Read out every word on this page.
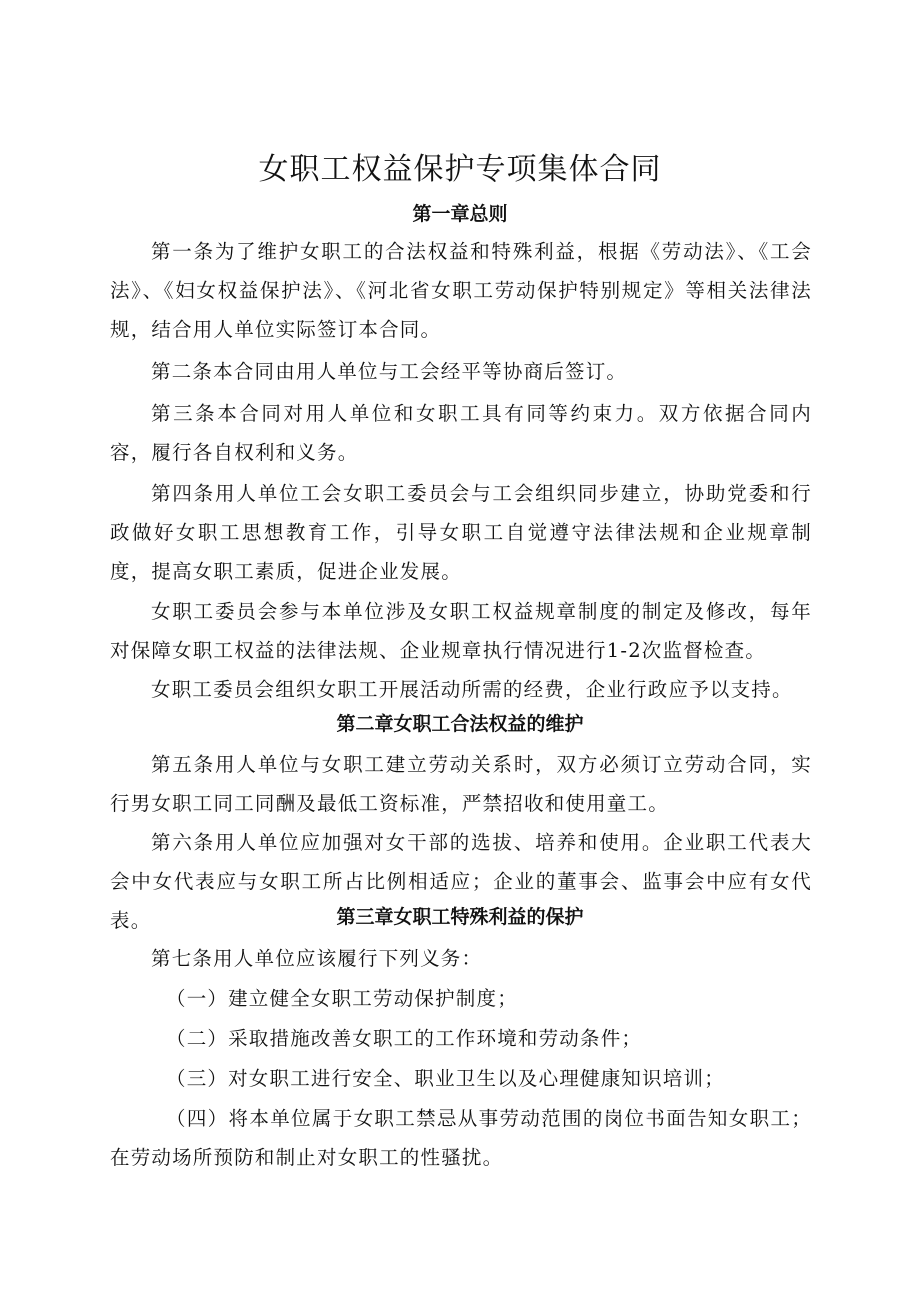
女职工权益保护专项集体合同
第一章总则

第一条为了维护女职工的合法权益和特殊利益，根据《劳动法》、《工会法》、《妇女权益保护法》、《河北省女职工劳动保护特别规定》等相关法律法规，结合用人单位实际签订本合同。

第二条本合同由用人单位与工会经平等协商后签订。

第三条本合同对用人单位和女职工具有同等约束力。双方依据合同内容，履行各自权利和义务。

第四条用人单位工会女职工委员会与工会组织同步建立，协助党委和行政做好女职工思想教育工作，引导女职工自觉遵守法律法规和企业规章制度，提高女职工素质，促进企业发展。

女职工委员会参与本单位涉及女职工权益规章制度的制定及修改，每年对保障女职工权益的法律法规、企业规章执行情况进行1-2次监督检查。

女职工委员会组织女职工开展活动所需的经费，企业行政应予以支持。

第二章女职工合法权益的维护

第五条用人单位与女职工建立劳动关系时，双方必须订立劳动合同，实行男女职工同工同酬及最低工资标准，严禁招收和使用童工。

第六条用人单位应加强对女干部的选拔、培养和使用。企业职工代表大会中女代表应与女职工所占比例相适应；企业的董事会、监事会中应有女代表。	第三章女职工特殊利益的保护

第七条用人单位应该履行下列义务：

（一）建立健全女职工劳动保护制度；

（二）采取措施改善女职工的工作环境和劳动条件；

（三）对女职工进行安全、职业卫生以及心理健康知识培训；

（四）将本单位属于女职工禁忌从事劳动范围的岗位书面告知女职工；在劳动场所预防和制止对女职工的性骚扰。
